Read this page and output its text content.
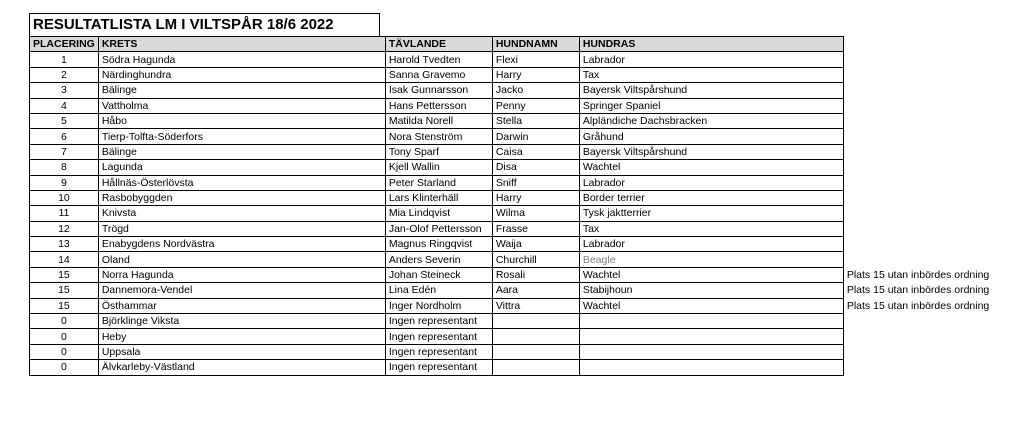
RESULTATLISTA LM I VILTSPÅR 18/6 2022
PLACERING	KRETS	TÄVLANDE	HUNDNAMN	HUNDRAS	
1	Södra Hagunda	Harold Tvedten	Flexi	Labrador	
2	Närdinghundra	Sanna Gravemo	Harry	Tax	
3	Bälinge	Isak Gunnarsson	Jacko	Bayersk Viltspårshund	
4	Vattholma	Hans Pettersson	Penny	Springer Spaniel	
5	Håbo	Matilda Norell	Stella	Alpländiche Dachsbracken	
6	Tierp-Tolfta-Söderfors	Nora Stenström	Darwin	Gråhund	
7	Bälinge	Tony Sparf	Caisa	Bayersk Viltspårshund	
8	Lagunda	Kjell Wallin	Disa	Wachtel	
9	Hållnäs-Österlövsta	Peter Starland	Sniff	Labrador	
10	Rasbobyggden	Lars Klinterhäll	Harry	Border terrier	
11	Knivsta	Mia Lindqvist	Wilma	Tysk jaktterrier	
12	Trögd	Jan-Olof Pettersson	Frasse	Tax	
13	Enabygdens Nordvästra	Magnus Ringqvist	Waija	Labrador	
14	Oland	Anders Severin	Churchill	Beagle	
15	Norra Hagunda	Johan Steineck	Rosali	Wachtel	Plats 15 utan inbördes ordning
15	Dannemora-Vendel	Lina Edén	Aara	Stabijhoun	Plats 15 utan inbördes ordning
15	Östhammar	Inger Nordholm	Vittra	Wachtel	Plats 15 utan inbördes ordning
0	Björklinge Viksta	Ingen representant			
0	Heby	Ingen representant			
0	Uppsala	Ingen representant			
0	Älvkarleby-Västland	Ingen representant			
